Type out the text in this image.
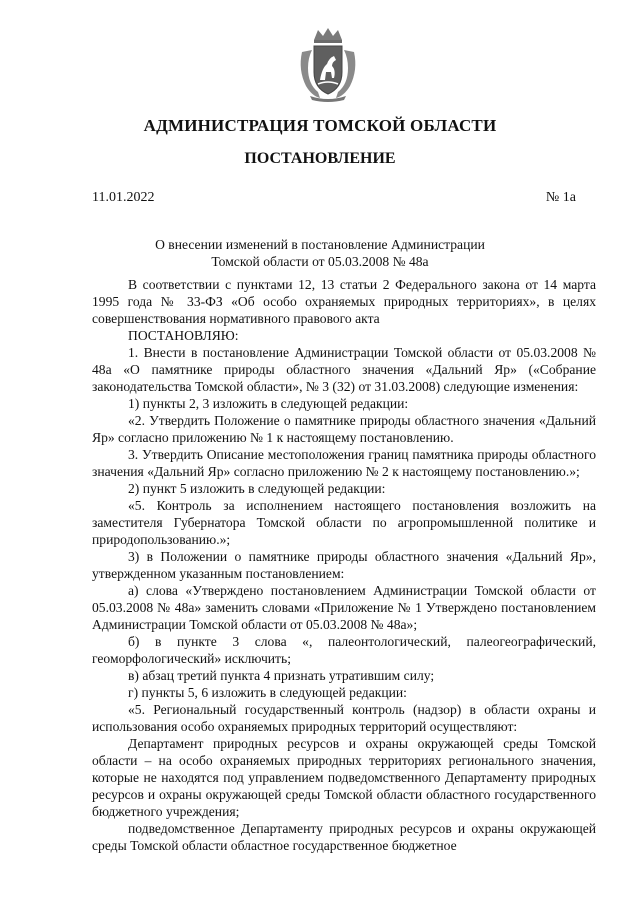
АДМИНИСТРАЦИЯ ТОМСКОЙ ОБЛАСТИ
ПОСТАНОВЛЕНИЕ
11.01.2022	№ 1а
О внесении изменений в постановление Администрации
Томской области от 05.03.2008 № 48а

В соответствии с пунктами 12, 13 статьи 2 Федерального закона от 14 марта 1995 года № 33-ФЗ «Об особо охраняемых природных территориях», в целях совершенствования нормативного правового акта

ПОСТАНОВЛЯЮ:

1. Внести в постановление Администрации Томской области от 05.03.2008 № 48а «О памятнике природы областного значения «Дальний Яр» («Собрание законодательства Томской области», № 3 (32) от 31.03.2008) следующие изменения:

1) пункты 2, 3 изложить в следующей редакции:

«2. Утвердить Положение о памятнике природы областного значения «Дальний Яр» согласно приложению № 1 к настоящему постановлению.

3. Утвердить Описание местоположения границ памятника природы областного значения «Дальний Яр» согласно приложению № 2 к настоящему постановлению.»;

2) пункт 5 изложить в следующей редакции:

«5. Контроль за исполнением настоящего постановления возложить на заместителя Губернатора Томской области по агропромышленной политике и природопользованию.»;

3) в Положении о памятнике природы областного значения «Дальний Яр», утвержденном указанным постановлением:

а) слова «Утверждено постановлением Администрации Томской области от 05.03.2008 № 48а» заменить словами «Приложение № 1 Утверждено постановлением Администрации Томской области от 05.03.2008 № 48а»;

б) в пункте 3 слова «, палеонтологический, палеогеографический, геоморфологический» исключить;

в) абзац третий пункта 4 признать утратившим силу;

г) пункты 5, 6 изложить в следующей редакции:

«5. Региональный государственный контроль (надзор) в области охраны и использования особо охраняемых природных территорий осуществляют:

Департамент природных ресурсов и охраны окружающей среды Томской области – на особо охраняемых природных территориях регионального значения, которые не находятся под управлением подведомственного Департаменту природных ресурсов и охраны окружающей среды Томской области областного государственного бюджетного учреждения;

подведомственное Департаменту природных ресурсов и охраны окружающей среды Томской области областное государственное бюджетное
